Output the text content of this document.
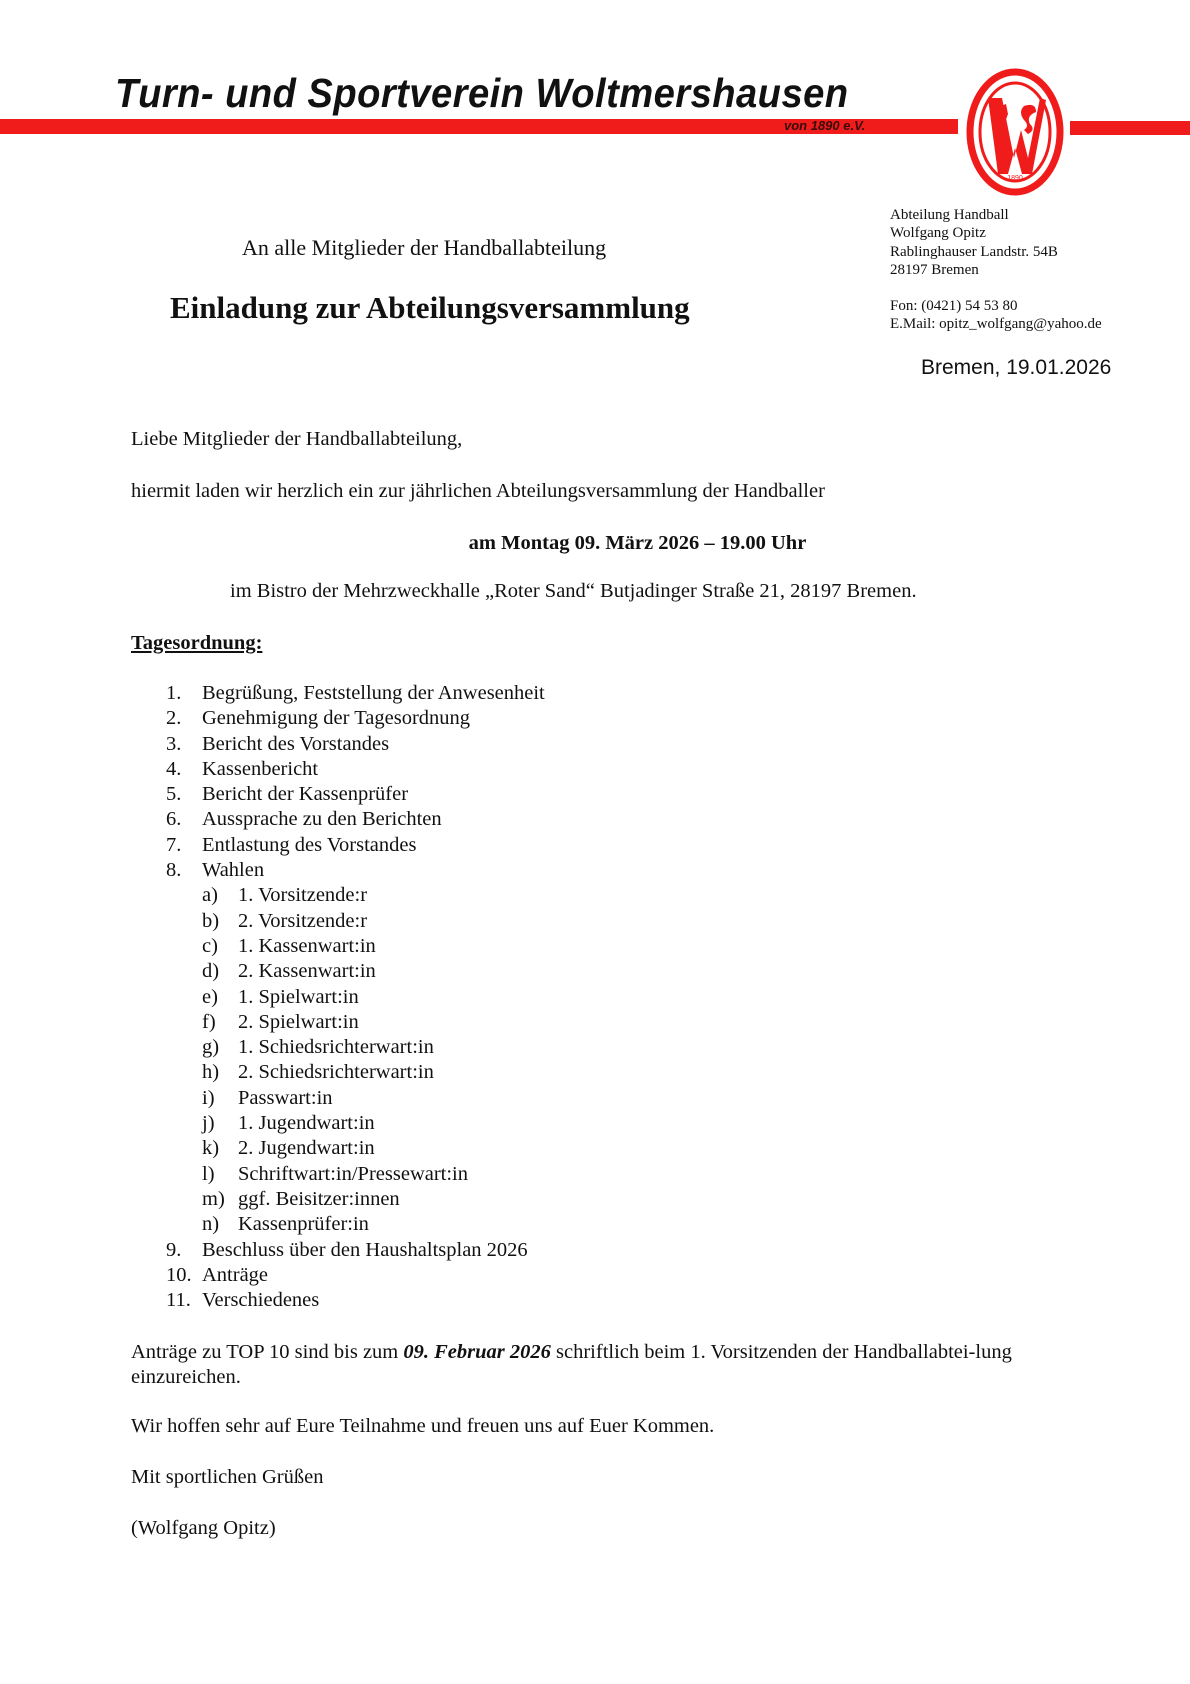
Turn- und Sportverein Woltmershausen
von 1890 e.V.
1890
Abteilung Handball
Wolfgang Opitz
Rablinghauser Landstr. 54B
28197 Bremen
Fon: (0421) 54 53 80
E.Mail: opitz_wolfgang@yahoo.de
Bremen, 19.01.2026
An alle Mitglieder der Handballabteilung
Einladung zur Abteilungsversammlung
Liebe Mitglieder der Handballabteilung,
hiermit laden wir herzlich ein zur jährlichen Abteilungsversammlung der Handballer
am Montag 09. März 2026 – 19.00 Uhr
im Bistro der Mehrzweckhalle „Roter Sand“ Butjadinger Straße 21, 28197 Bremen.
Tagesordnung:
1.	Begrüßung, Feststellung der Anwesenheit
2.	Genehmigung der Tagesordnung
3.	Bericht des Vorstandes
4.	Kassenbericht
5.	Bericht der Kassenprüfer
6.	Aussprache zu den Berichten
7.	Entlastung des Vorstandes
8.	Wahlen
a) 1. Vorsitzende:r
b) 2. Vorsitzende:r
c) 1. Kassenwart:in
d) 2. Kassenwart:in
e) 1. Spielwart:in
f)	2. Spielwart:in
g) 1. Schiedsrichterwart:in
h) 2. Schiedsrichterwart:in
i)	Passwart:in
j)	1. Jugendwart:in
k) 2. Jugendwart:in
l)	Schriftwart:in/Pressewart:in
m) ggf. Beisitzer:innen
n) Kassenprüfer:in
9.	Beschluss über den Haushaltsplan 2026
10. Anträge
11. Verschiedenes
Anträge zu TOP 10 sind bis zum 09. Februar 2026 schriftlich beim 1. Vorsitzenden der Handballabtei-lung einzureichen.
Wir hoffen sehr auf Eure Teilnahme und freuen uns auf Euer Kommen.
Mit sportlichen Grüßen
(Wolfgang Opitz)
